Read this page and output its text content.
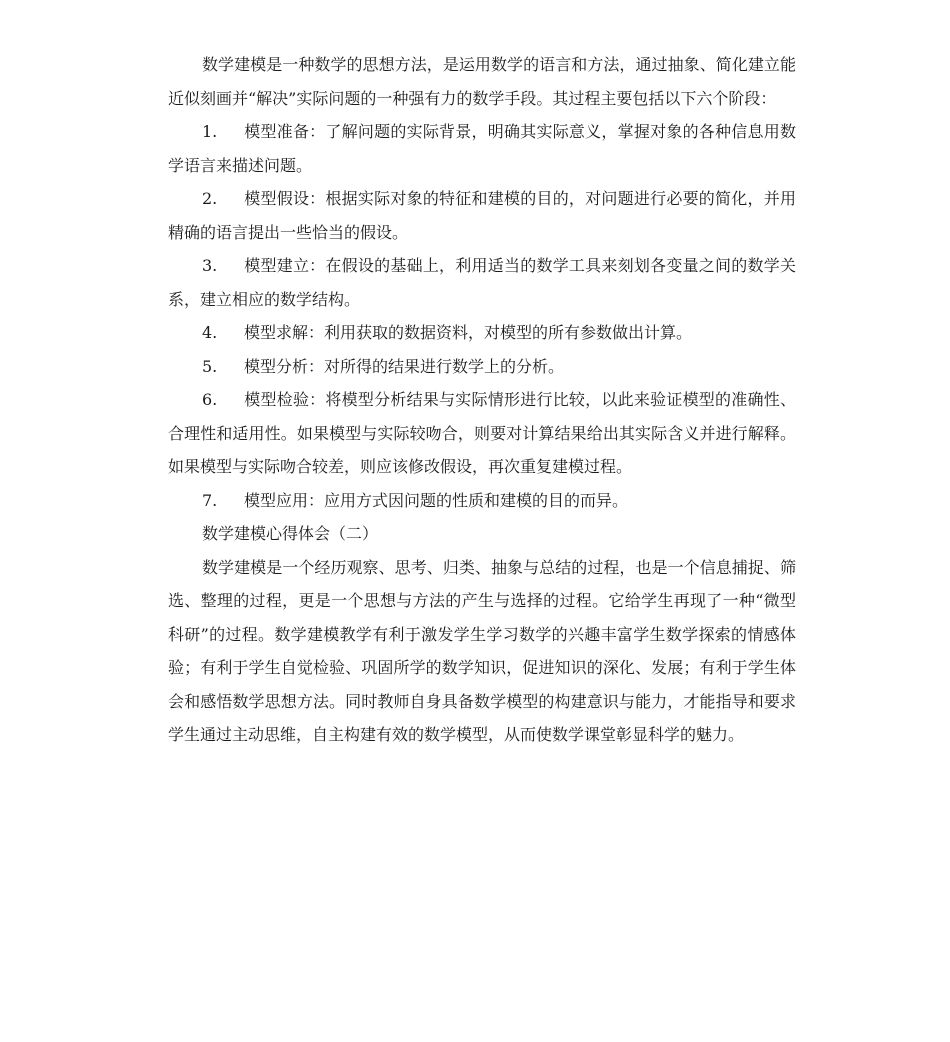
数学建模是一种数学的思想方法，是运用数学的语言和方法，通过抽象、简化建立能近似刻画并“解决”实际问题的一种强有力的数学手段。其过程主要包括以下六个阶段：

1. 模型准备：了解问题的实际背景，明确其实际意义，掌握对象的各种信息用数学语言来描述问题。

2. 模型假设：根据实际对象的特征和建模的目的，对问题进行必要的简化，并用精确的语言提出一些恰当的假设。

3. 模型建立：在假设的基础上，利用适当的数学工具来刻划各变量之间的数学关系，建立相应的数学结构。

4. 模型求解：利用获取的数据资料，对模型的所有参数做出计算。

5. 模型分析：对所得的结果进行数学上的分析。

6. 模型检验：将模型分析结果与实际情形进行比较，以此来验证模型的准确性、合理性和适用性。如果模型与实际较吻合，则要对计算结果给出其实际含义并进行解释。如果模型与实际吻合较差，则应该修改假设，再次重复建模过程。

7. 模型应用：应用方式因问题的性质和建模的目的而异。

数学建模心得体会（二）

数学建模是一个经历观察、思考、归类、抽象与总结的过程，也是一个信息捕捉、筛选、整理的过程，更是一个思想与方法的产生与选择的过程。它给学生再现了一种“微型科研”的过程。数学建模教学有利于激发学生学习数学的兴趣丰富学生数学探索的情感体验；有利于学生自觉检验、巩固所学的数学知识，促进知识的深化、发展；有利于学生体会和感悟数学思想方法。同时教师自身具备数学模型的构建意识与能力，才能指导和要求学生通过主动思维，自主构建有效的数学模型，从而使数学课堂彰显科学的魅力。
